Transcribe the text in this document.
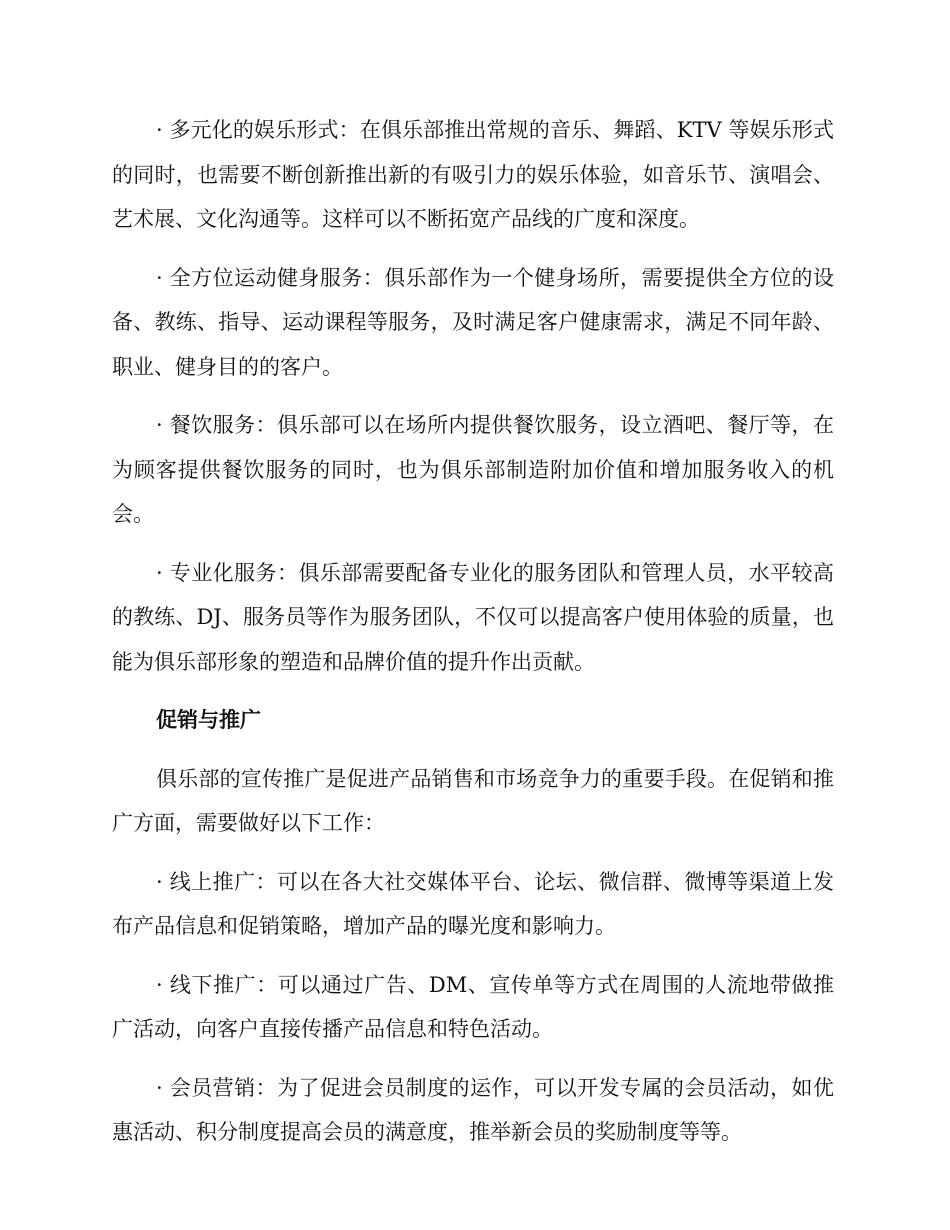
· 多元化的娱乐形式：在俱乐部推出常规的音乐、舞蹈、KTV 等娱乐形式的同时，也需要不断创新推出新的有吸引力的娱乐体验，如音乐节、演唱会、艺术展、文化沟通等。这样可以不断拓宽产品线的广度和深度。

· 全方位运动健身服务：俱乐部作为一个健身场所，需要提供全方位的设备、教练、指导、运动课程等服务，及时满足客户健康需求，满足不同年龄、职业、健身目的的客户。

· 餐饮服务：俱乐部可以在场所内提供餐饮服务，设立酒吧、餐厅等，在为顾客提供餐饮服务的同时，也为俱乐部制造附加价值和增加服务收入的机会。

· 专业化服务：俱乐部需要配备专业化的服务团队和管理人员，水平较高的教练、DJ、服务员等作为服务团队，不仅可以提高客户使用体验的质量，也能为俱乐部形象的塑造和品牌价值的提升作出贡献。

促销与推广

俱乐部的宣传推广是促进产品销售和市场竞争力的重要手段。在促销和推广方面，需要做好以下工作：

· 线上推广：可以在各大社交媒体平台、论坛、微信群、微博等渠道上发布产品信息和促销策略，增加产品的曝光度和影响力。

· 线下推广：可以通过广告、DM、宣传单等方式在周围的人流地带做推广活动，向客户直接传播产品信息和特色活动。

· 会员营销：为了促进会员制度的运作，可以开发专属的会员活动，如优惠活动、积分制度提高会员的满意度，推举新会员的奖励制度等等。
